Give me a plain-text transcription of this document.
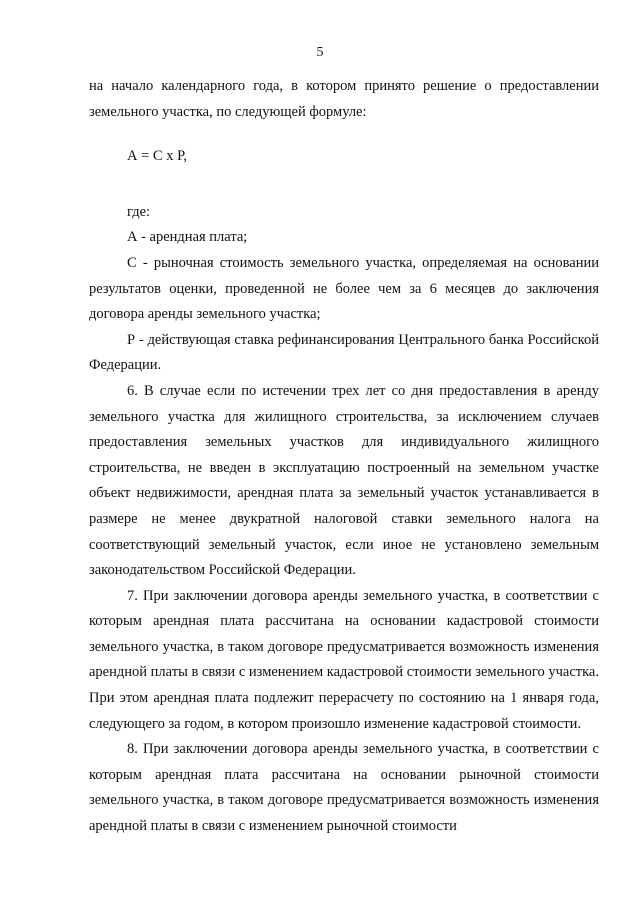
5

на начало календарного года, в котором принято решение о предоставлении земельного участка, по следующей формуле:

А = С x Р,

где:

А - арендная плата;

С - рыночная стоимость земельного участка, определяемая на основании результатов оценки, проведенной не более чем за 6 месяцев до заключения договора аренды земельного участка;

Р - действующая ставка рефинансирования Центрального банка Российской Федерации.

6. В случае если по истечении трех лет со дня предоставления в аренду земельного участка для жилищного строительства, за исключением случаев предоставления земельных участков для индивидуального жилищного строительства, не введен в эксплуатацию построенный на земельном участке объект недвижимости, арендная плата за земельный участок устанавливается в размере не менее двукратной налоговой ставки земельного налога на соответствующий земельный участок, если иное не установлено земельным законодательством Российской Федерации.

7. При заключении договора аренды земельного участка, в соответствии с которым арендная плата рассчитана на основании кадастровой стоимости земельного участка, в таком договоре предусматривается возможность изменения арендной платы в связи с изменением кадастровой стоимости земельного участка. При этом арендная плата подлежит перерасчету по состоянию на 1 января года, следующего за годом, в котором произошло изменение кадастровой стоимости.

8. При заключении договора аренды земельного участка, в соответствии с которым арендная плата рассчитана на основании рыночной стоимости земельного участка, в таком договоре предусматривается возможность изменения арендной платы в связи с изменением рыночной стоимости
